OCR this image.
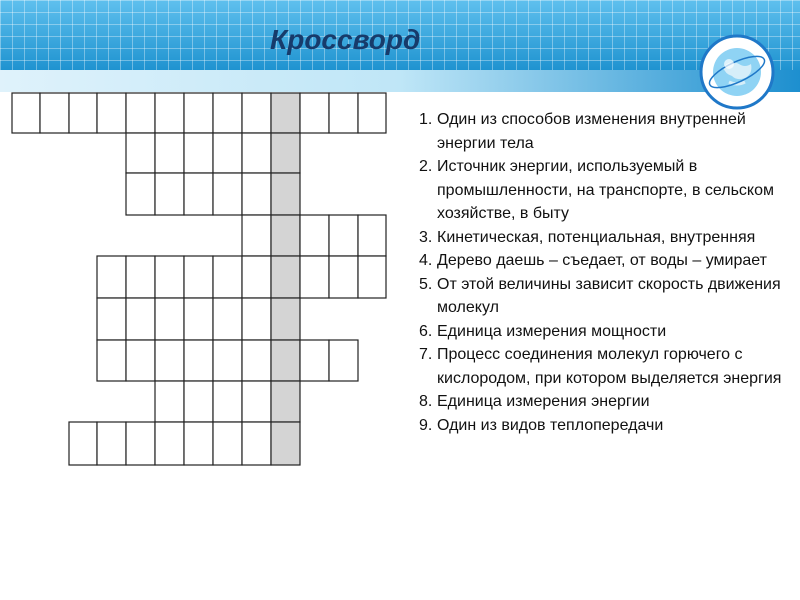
Кроссворд
1. Один из способов изменения внутренней энергии тела
2. Источник энергии, используемый в промышленности, на транспорте, в сельском хозяйстве, в быту
3. Кинетическая, потенциальная, внутренняя
4. Дерево даешь – съедает, от воды – умирает
5. От этой величины зависит скорость движения молекул
6. Единица измерения мощности
7. Процесс соединения молекул горючего с кислородом, при котором выделяется энергия
8. Единица измерения энергии
9. Один из видов теплопередачи
